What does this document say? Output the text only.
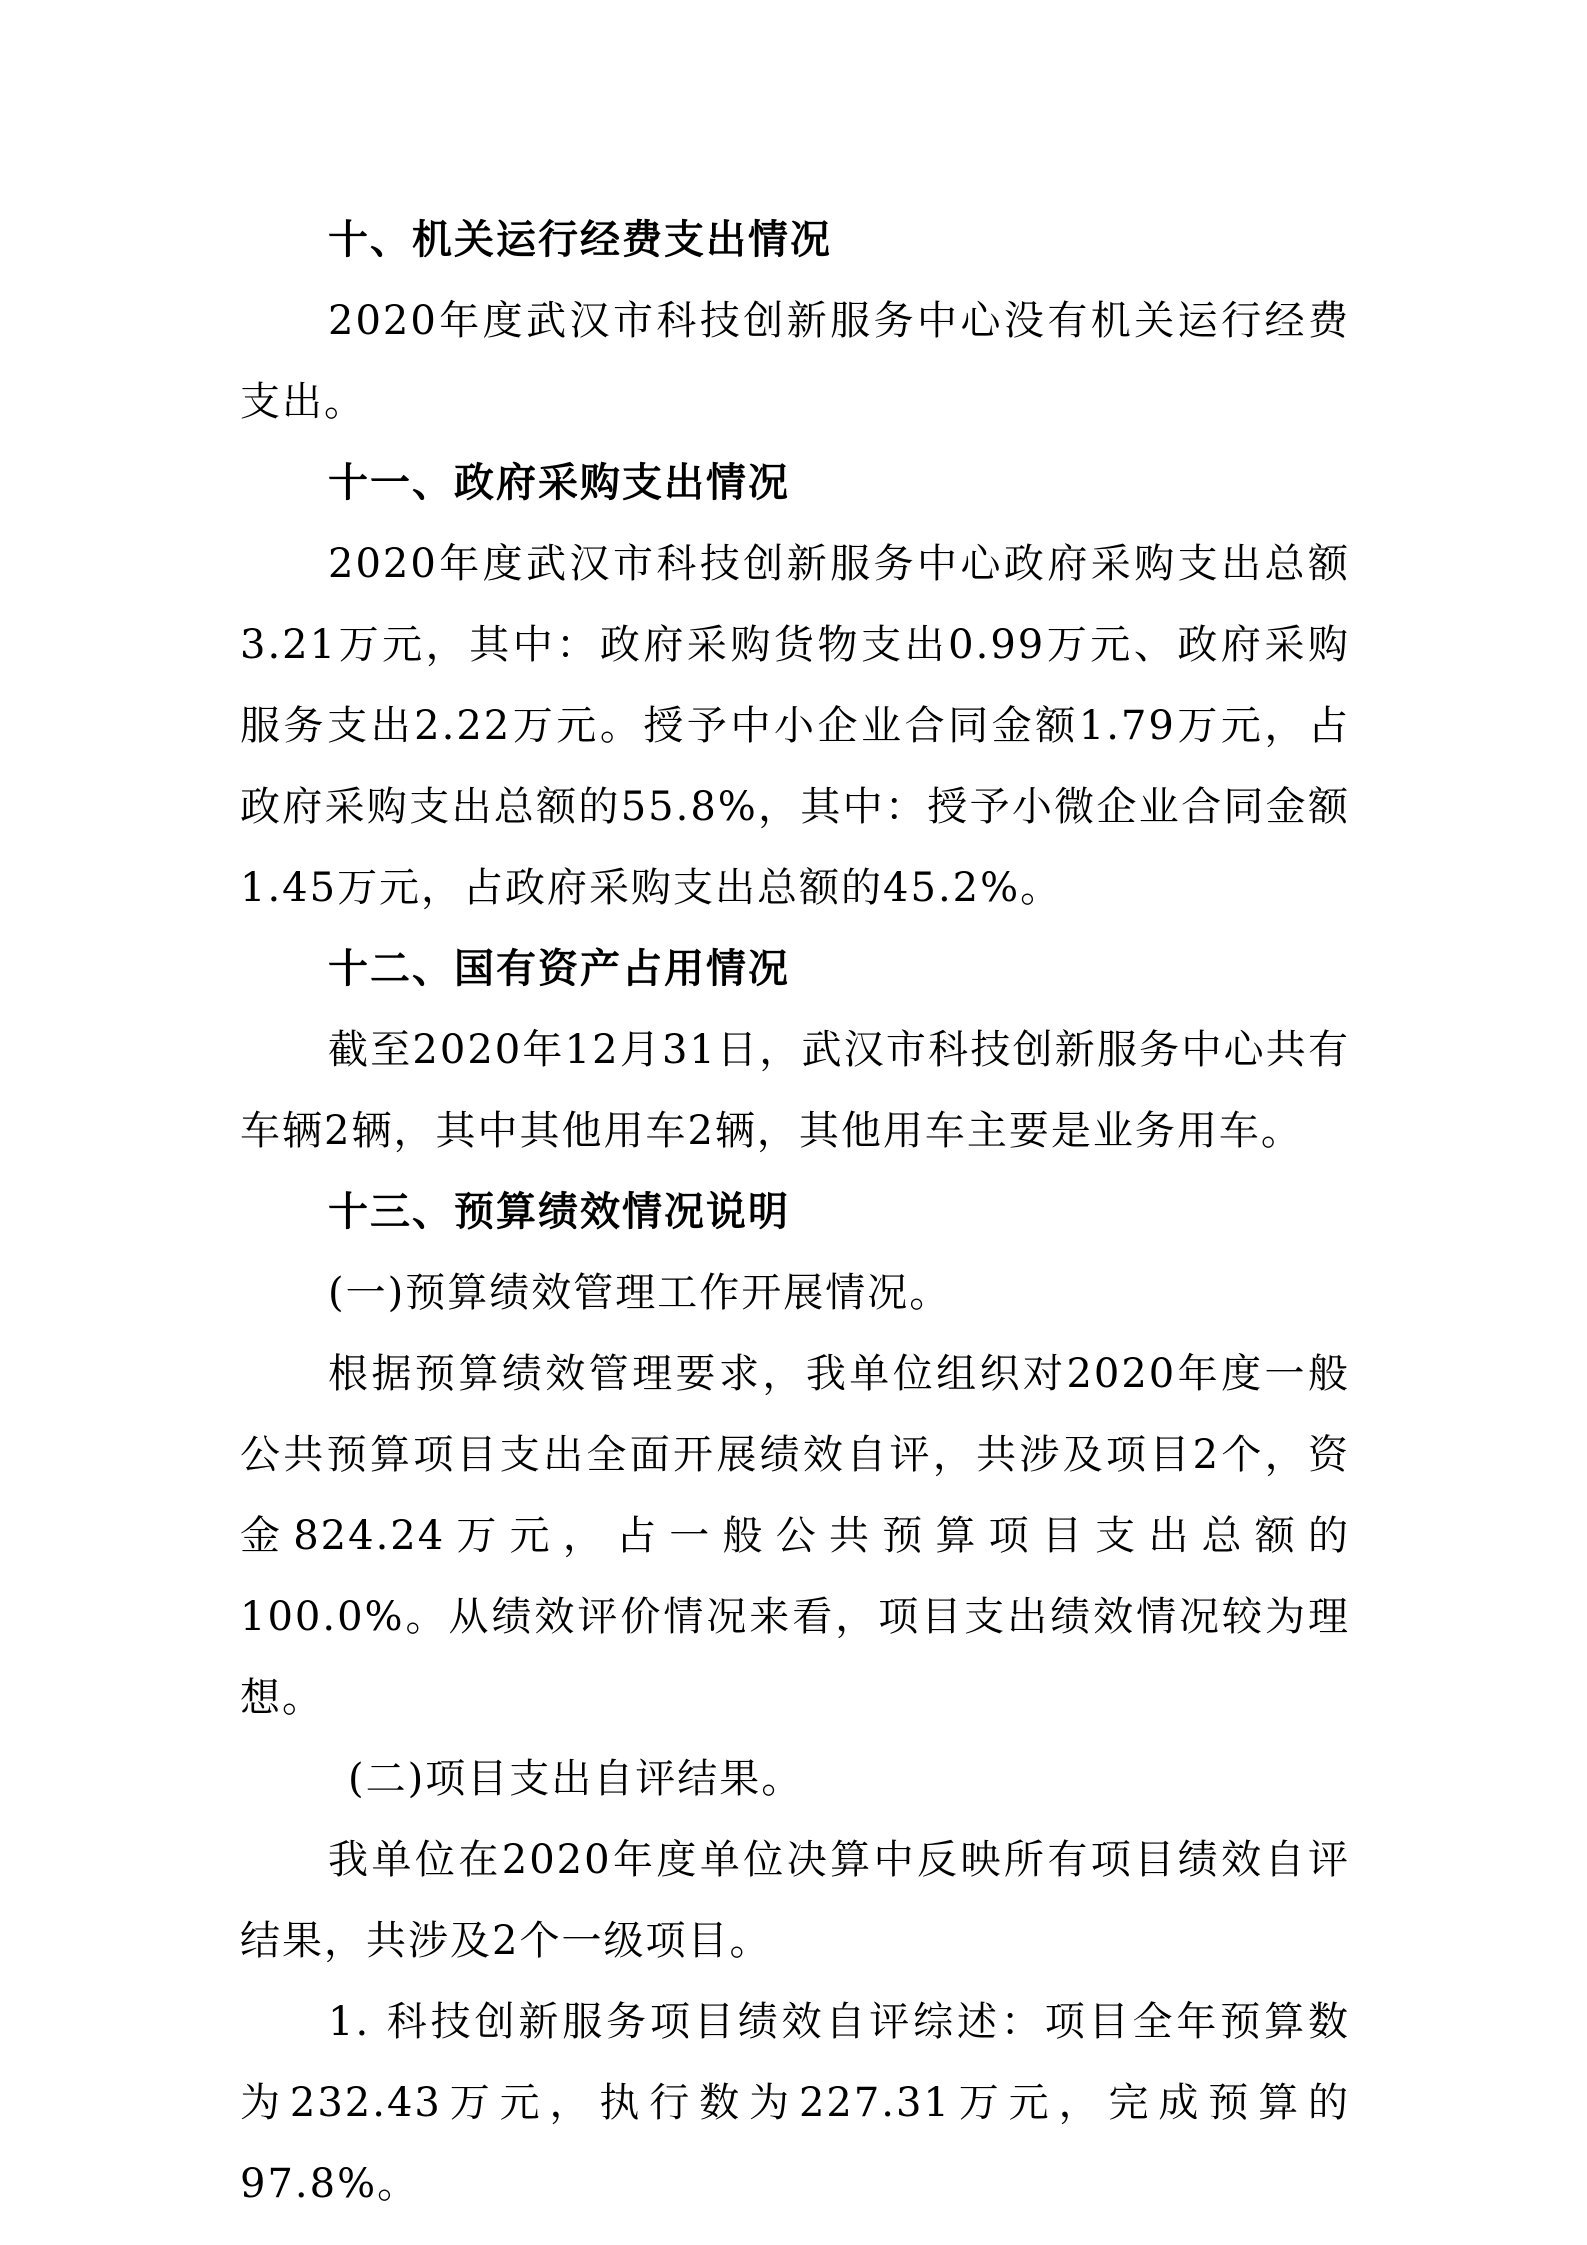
十、机关运行经费支出情况

2020年度武汉市科技创新服务中心没有机关运行经费支出。

十一、政府采购支出情况

2020年度武汉市科技创新服务中心政府采购支出总额3.21万元，其中：政府采购货物支出0.99万元、政府采购服务支出2.22万元。授予中小企业合同金额1.79万元，占政府采购支出总额的55.8%，其中：授予小微企业合同金额1.45万元，占政府采购支出总额的45.2%。

十二、国有资产占用情况

截至2020年12月31日，武汉市科技创新服务中心共有车辆2辆，其中其他用车2辆，其他用车主要是业务用车。

十三、预算绩效情况说明

(一)预算绩效管理工作开展情况。

根据预算绩效管理要求，我单位组织对2020年度一般公共预算项目支出全面开展绩效自评，共涉及项目2个，资金824.24万元，占一般公共预算项目支出总额的100.0%。从绩效评价情况来看，项目支出绩效情况较为理想。

(二)项目支出自评结果。

我单位在2020年度单位决算中反映所有项目绩效自评结果，共涉及2个一级项目。

1. 科技创新服务项目绩效自评综述：项目全年预算数为232.43万元，执行数为227.31万元，完成预算的97.8%。
